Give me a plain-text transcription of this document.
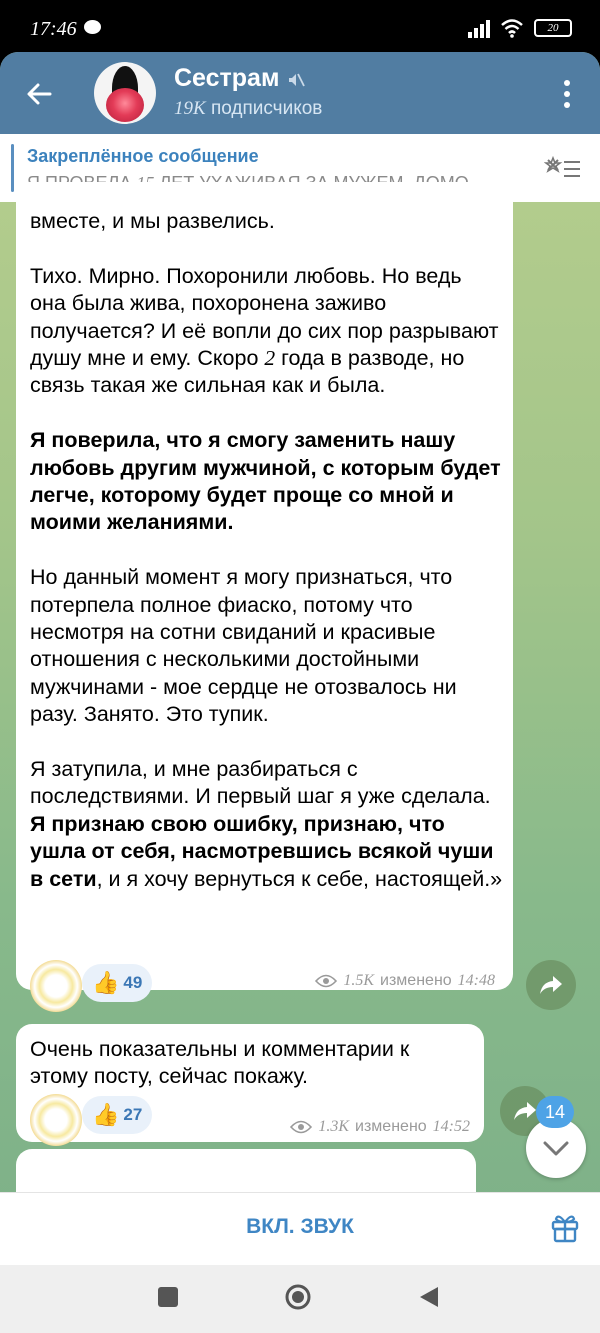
17:46	20
Сестрам
19K подписчиков
Закреплённое сообщение

вместе, и мы развелись.

Тихо. Мирно. Похоронили любовь. Но ведь она была жива, похоронена заживо получается? И её вопли до сих пор разрывают душу мне и ему. Скоро 2 года в разводе, но связь такая же сильная как и была.

Я поверила, что я смогу заменить нашу любовь другим мужчиной, с которым будет легче, которому будет проще со мной и моими желаниями.

Но данный момент я могу признаться, что потерпела полное фиаско, потому что несмотря на сотни свиданий и красивые отношения с несколькими достойными мужчинами - мое сердце не отозвалось ни разу. Занято. Это тупик.

Я затупила, и мне разбираться с последствиями. И первый шаг я уже сделала. Я признаю свою ошибку, признаю, что ушла от себя, насмотревшись всякой чуши в сети, и я хочу вернуться к себе, настоящей.»

👍 49	1.5K изменено 14:48
Очень показательны и комментарии к этому посту, сейчас покажу.
👍 27
1.3K изменено 14:52
14
ВКЛ. ЗВУК
